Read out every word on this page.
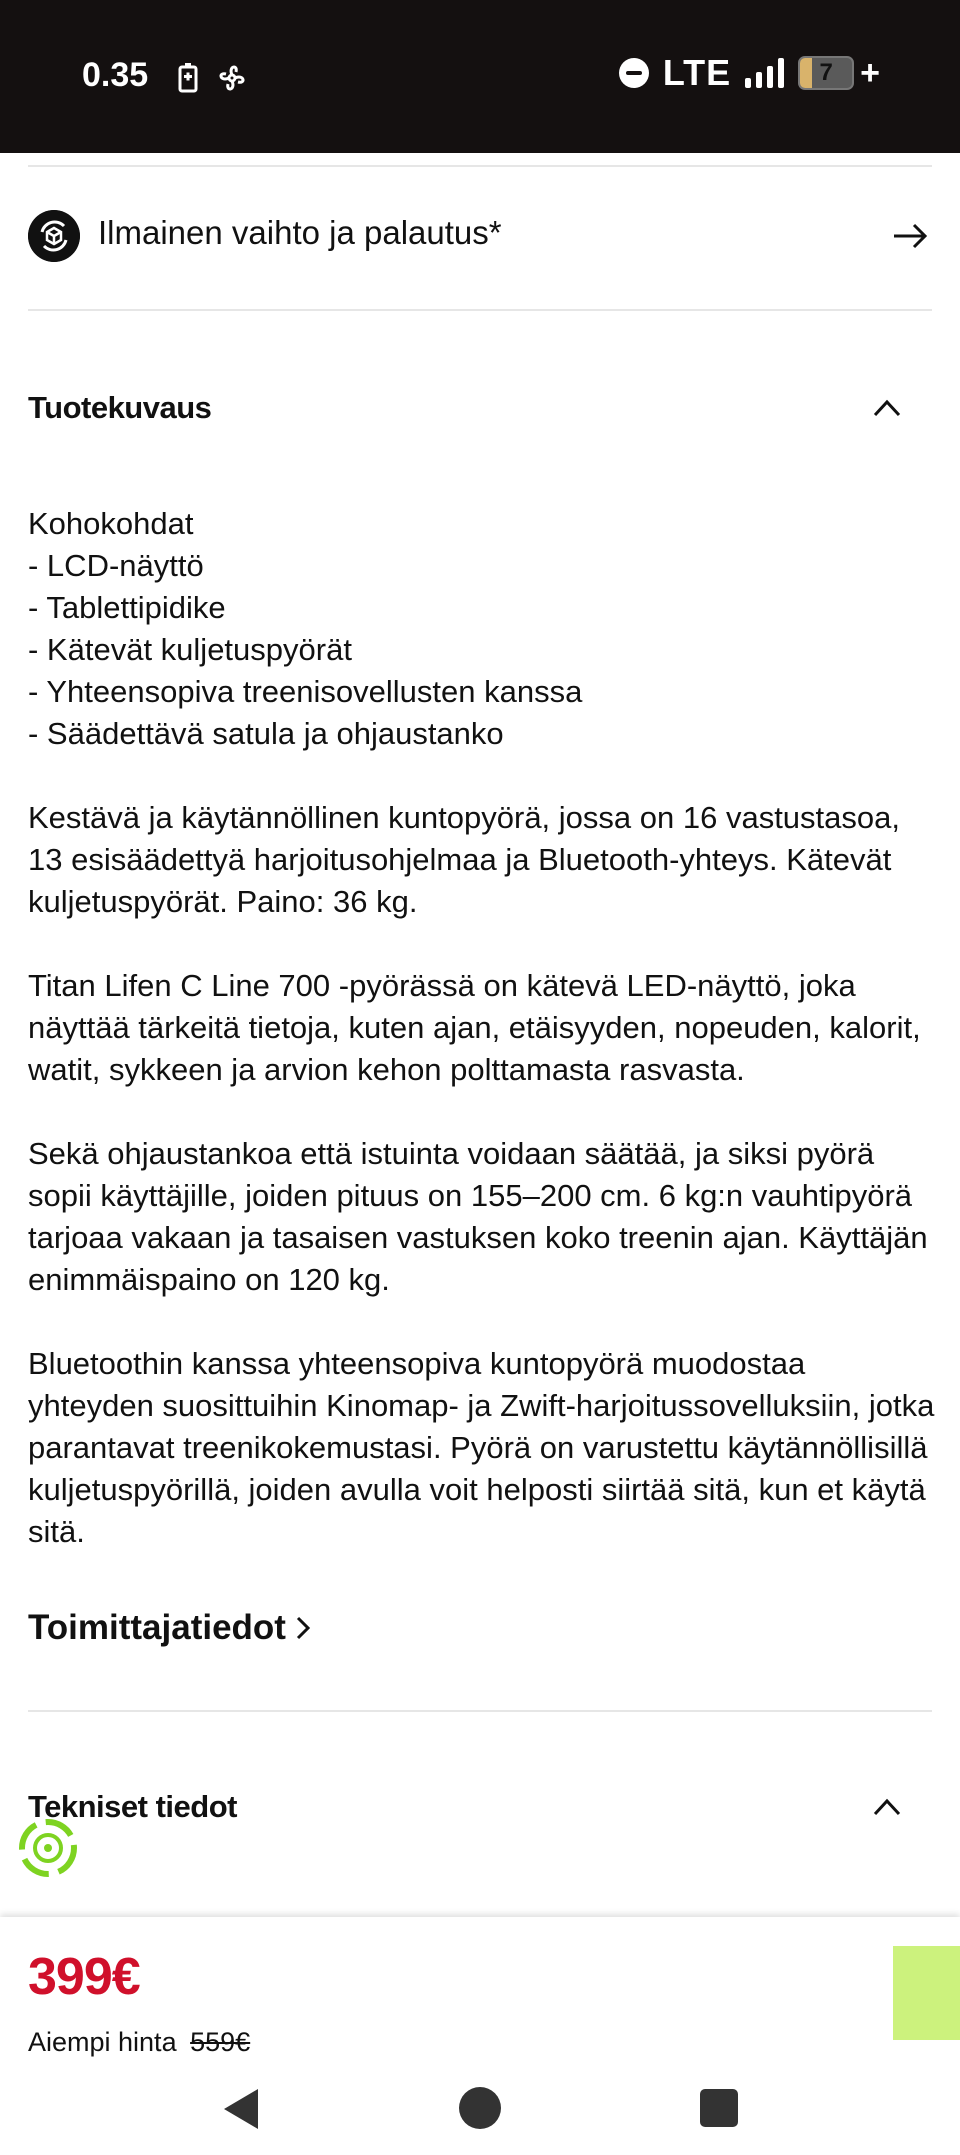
0.35	LTE	7 +
Ilmainen vaihto ja palautus*
Tuotekuvaus

Kohokohdat

- LCD-näyttö

- Tablettipidike

- Kätevät kuljetuspyörät

- Yhteensopiva treenisovellusten kanssa

- Säädettävä satula ja ohjaustanko

Kestävä ja käytännöllinen kuntopyörä, jossa on 16 vastustasoa, 13 esisäädettyä harjoitusohjelmaa ja Bluetooth-yhteys. Kätevät kuljetuspyörät. Paino: 36 kg.

Titan Lifen C Line 700 -pyörässä on kätevä LED-näyttö, joka näyttää tärkeitä tietoja, kuten ajan, etäisyyden, nopeuden, kalorit, watit, sykkeen ja arvion kehon polttamasta rasvasta.

Sekä ohjaustankoa että istuinta voidaan säätää, ja siksi pyörä sopii käyttäjille, joiden pituus on 155–200 cm. 6 kg:n vauhtipyörä tarjoaa vakaan ja tasaisen vastuksen koko treenin ajan. Käyttäjän enimmäispaino on 120 kg.

Bluetoothin kanssa yhteensopiva kuntopyörä muodostaa yhteyden suosittuihin Kinomap- ja Zwift-harjoitussovelluksiin, jotka parantavat treenikokemustasi. Pyörä on varustettu käytännöllisillä kuljetuspyörillä, joiden avulla voit helposti siirtää sitä, kun et käytä sitä.

Toimittajatiedot
Tekniset tiedot
399€
Aiempi hinta 559€
